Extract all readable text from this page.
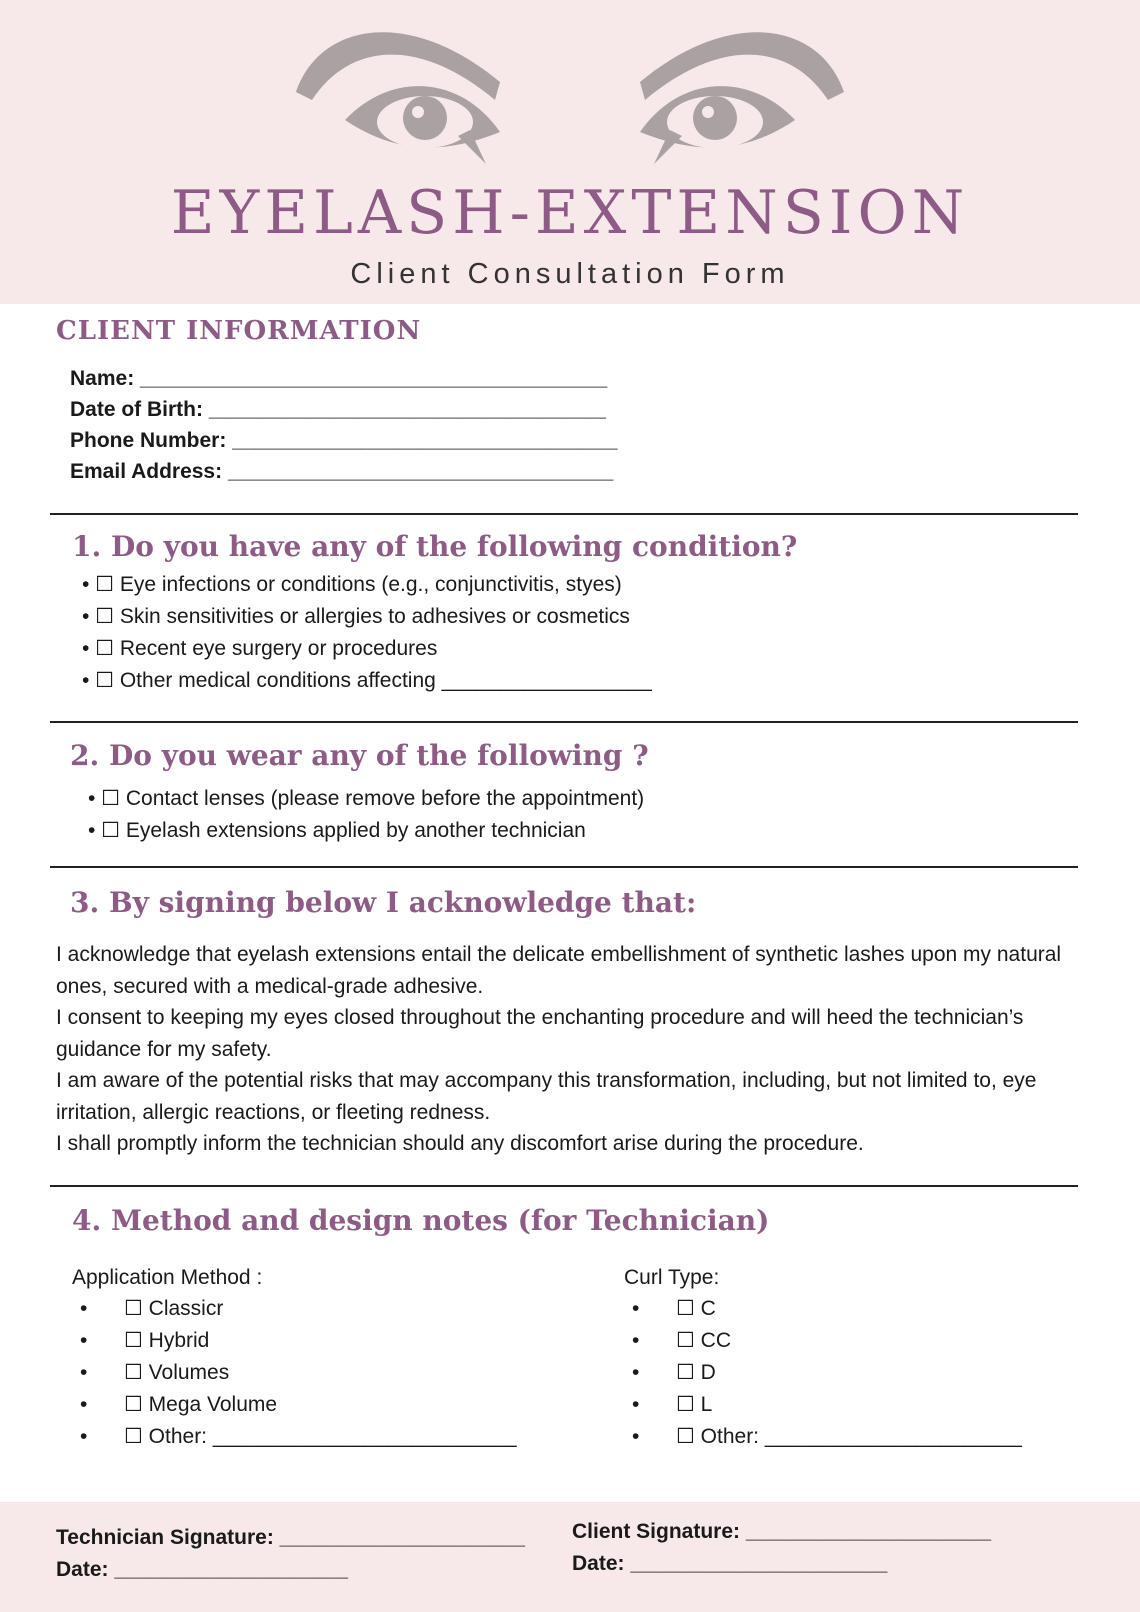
EYELASH-EXTENSION
Client Consultation Form
CLIENT INFORMATION
Name: ________________________________________
Date of Birth: __________________________________
Phone Number: _________________________________
Email Address: _________________________________
1. Do you have any of the following condition?
• ☐ Eye infections or conditions (e.g., conjunctivitis, styes)
• ☐ Skin sensitivities or allergies to adhesives or cosmetics
• ☐ Recent eye surgery or procedures
• ☐ Other medical conditions affecting __________________
2. Do you wear any of the following ?
• ☐ Contact lenses (please remove before the appointment)
• ☐ Eyelash extensions applied by another technician
3. By signing below I acknowledge that:

I acknowledge that eyelash extensions entail the delicate embellishment of synthetic lashes upon my natural ones, secured with a medical-grade adhesive.

I consent to keeping my eyes closed throughout the enchanting procedure and will heed the technician’s guidance for my safety.

I am aware of the potential risks that may accompany this transformation, including, but not limited to, eye irritation, allergic reactions, or fleeting redness.

I shall promptly inform the technician should any discomfort arise during the procedure.

4. Method and design notes (for Technician)
Application Method :
• ☐ Classicr
• ☐ Hybrid
• ☐ Volumes
• ☐ Mega Volume
• ☐ Other: __________________________
Curl Type:
• ☐ C
• ☐ CC
• ☐ D
• ☐ L
• ☐ Other: ______________________
Technician Signature: _____________________
Date: ____________________
Client Signature: _____________________
Date: ______________________
